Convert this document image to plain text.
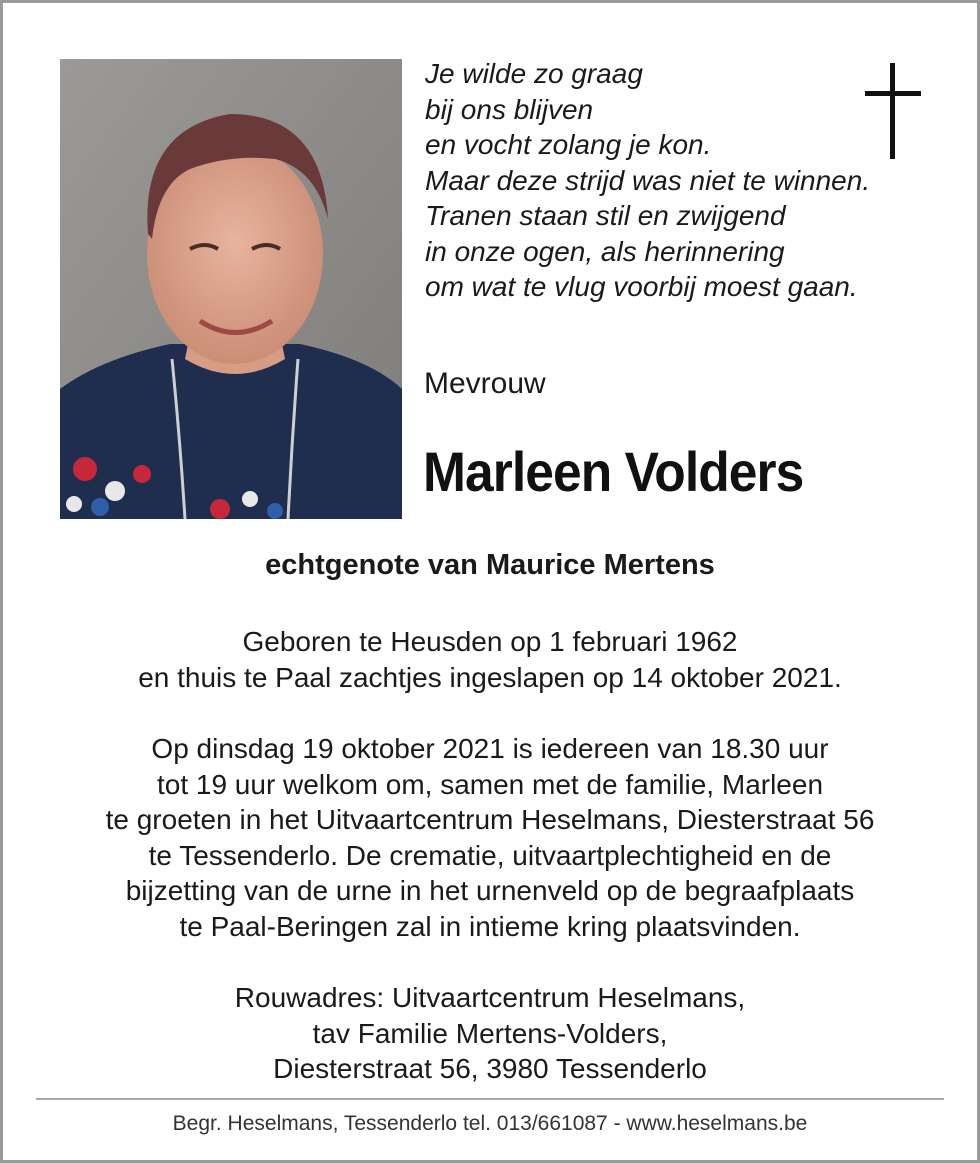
Je wilde zo graag
bij ons blijven
en vocht zolang je kon.
Maar deze strijd was niet te winnen.
Tranen staan stil en zwijgend
in onze ogen, als herinnering
om wat te vlug voorbij moest gaan.
Mevrouw
Marleen Volders
echtgenote van Maurice Mertens
Geboren te Heusden op 1 februari 1962
en thuis te Paal zachtjes ingeslapen op 14 oktober 2021.
Op dinsdag 19 oktober 2021 is iedereen van 18.30 uur
tot 19 uur welkom om, samen met de familie, Marleen
te groeten in het Uitvaartcentrum Heselmans, Diesterstraat 56
te Tessenderlo. De crematie, uitvaartplechtigheid en de
bijzetting van de urne in het urnenveld op de begraafplaats
te Paal-Beringen zal in intieme kring plaatsvinden.
Rouwadres: Uitvaartcentrum Heselmans,
tav Familie Mertens-Volders,
Diesterstraat 56, 3980 Tessenderlo
Begr. Heselmans, Tessenderlo tel. 013/661087 - www.heselmans.be
